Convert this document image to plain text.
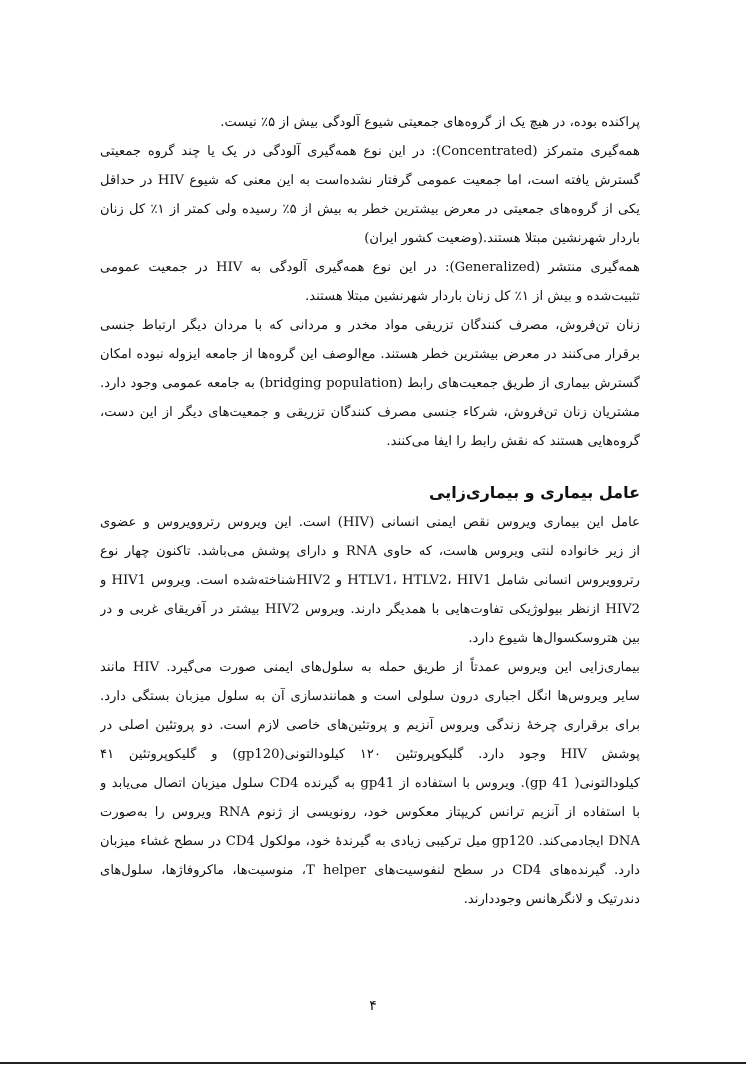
پراکنده بوده، در هیچ یک از گروه‌های جمعیتی شیوع آلودگی بیش از ۵٪ نیست.
همه‌گیری متمرکز (Concentrated): در این نوع همه‌گیری آلودگی در یک یا چند گروه جمعیتی
گسترش یافته است، اما جمعیت عمومی گرفتار نشده‌است به این معنی که شیوع HIV در حداقل
یکی از گروه‌های جمعیتی در معرض بیشترین خطر به بیش از ۵٪ رسیده ولی کمتر از ۱٪ کل زنان
باردار شهرنشین مبتلا هستند.(وضعیت کشور ایران)
همه‌گیری منتشر (Generalized): در این نوع همه‌گیری آلودگی به HIV در جمعیت عمومی
تثبیت‌شده و بیش از ۱٪ کل زنان باردار شهرنشین مبتلا هستند.
زنان تن‌فروش، مصرف کنندگان تزریقی مواد مخدر و مردانی که با مردان دیگر ارتباط جنسی
برقرار می‌کنند در معرض بیشترین خطر هستند. مع‌الوصف این گروه‌ها از جامعه ایزوله نبوده امکان
گسترش بیماری از طریق جمعیت‌های رابط (bridging population) به جامعه عمومی وجود دارد.
مشتریان زنان تن‌فروش، شرکاء جنسی مصرف کنندگان تزریقی و جمعیت‌های دیگر از این دست،
گروه‌هایی هستند که نقش رابط را ایفا می‌کنند.
عامل بیماری و بیماری‌زایی
عامل این بیماری ویروس نقص ایمنی انسانی (HIV) است. این ویروس رتروویروس و عضوی
از زیر خانواده لنتی ویروس هاست، که حاوی RNA و دارای پوشش می‌باشد. تاکنون چهار نوع
رتروویروس انسانی شامل HTLV1، HTLV2، HIV1 و HIV2شناخته‌شده است. ویروس HIV1 و
HIV2 ازنظر بیولوژیکی تفاوت‌هایی با همدیگر دارند. ویروس HIV2 بیشتر در آفریقای غربی و در
بین هتروسکسوال‌ها شیوع دارد.
بیماری‌زایی این ویروس عمدتاً از طریق حمله به سلول‌های ایمنی صورت می‌گیرد. HIV مانند
سایر ویروس‌ها انگل اجباری درون سلولی است و همانندسازی آن به سلول میزبان بستگی دارد.
برای برقراری چرخهٔ زندگی ویروس آنزیم و پروتئین‌های خاصی لازم است. دو پروتئین اصلی در
پوشش HIV وجود دارد. گلیکوپروتئین ۱۲۰ کیلودالتونی(gp120) و گلیکوپروتئین ۴۱
کیلودالتونی( gp 41). ویروس با استفاده از gp41 به گیرنده CD4 سلول میزبان اتصال می‌یابد و
با استفاده از آنزیم ترانس کریپتاز معکوس خود، رونویسی از ژنوم RNA ویروس را به‌صورت
DNA ایجادمی‌کند. gp120 میل ترکیبی زیادی به گیرندهٔ خود، مولکول CD4 در سطح غشاء میزبان
دارد. گیرنده‌های CD4 در سطح لنفوسیت‌های T helper، منوسیت‌ها، ماکروفاژها، سلول‌های
دندرتیک و لانگرهانس وجوددارند.
۴
